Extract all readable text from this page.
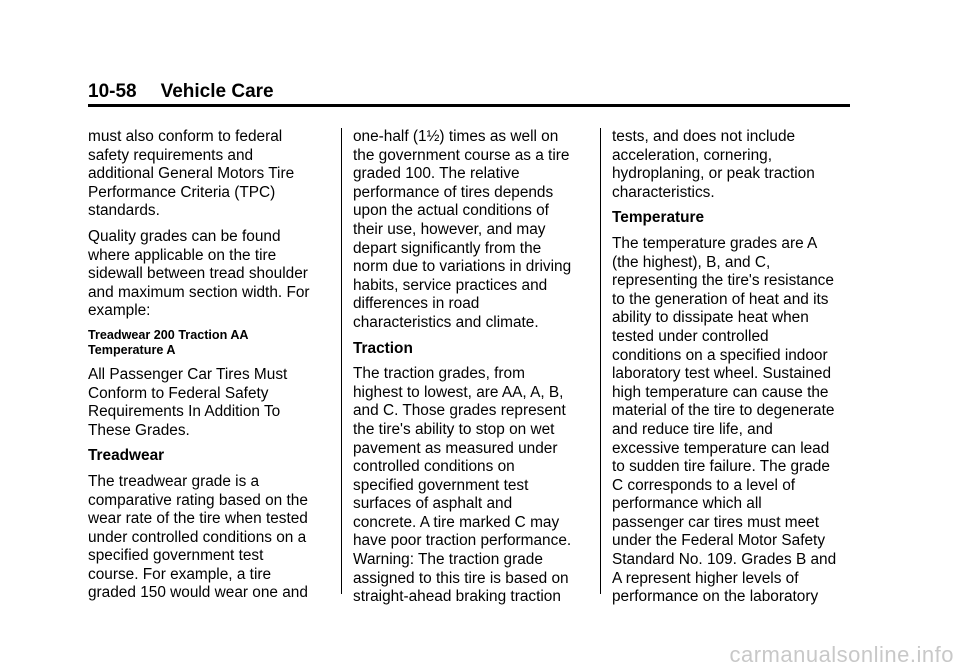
10-58 Vehicle Care

must also conform to federal
safety requirements and
additional General Motors Tire
Performance Criteria (TPC)
standards.

Quality grades can be found
where applicable on the tire
sidewall between tread shoulder
and maximum section width. For
example:

Treadwear 200 Traction AA
Temperature A

All Passenger Car Tires Must
Conform to Federal Safety
Requirements In Addition To
These Grades.

Treadwear

The treadwear grade is a
comparative rating based on the
wear rate of the tire when tested
under controlled conditions on a
specified government test
course. For example, a tire
graded 150 would wear one and

one-half (1½) times as well on
the government course as a tire
graded 100. The relative
performance of tires depends
upon the actual conditions of
their use, however, and may
depart significantly from the
norm due to variations in driving
habits, service practices and
differences in road
characteristics and climate.

Traction

The traction grades, from
highest to lowest, are AA, A, B,
and C. Those grades represent
the tire's ability to stop on wet
pavement as measured under
controlled conditions on
specified government test
surfaces of asphalt and
concrete. A tire marked C may
have poor traction performance.
Warning: The traction grade
assigned to this tire is based on
straight-ahead braking traction

tests, and does not include
acceleration, cornering,
hydroplaning, or peak traction
characteristics.

Temperature

The temperature grades are A
(the highest), B, and C,
representing the tire's resistance
to the generation of heat and its
ability to dissipate heat when
tested under controlled
conditions on a specified indoor
laboratory test wheel. Sustained
high temperature can cause the
material of the tire to degenerate
and reduce tire life, and
excessive temperature can lead
to sudden tire failure. The grade
C corresponds to a level of
performance which all
passenger car tires must meet
under the Federal Motor Safety
Standard No. 109. Grades B and
A represent higher levels of
performance on the laboratory

carmanualsonline.info
